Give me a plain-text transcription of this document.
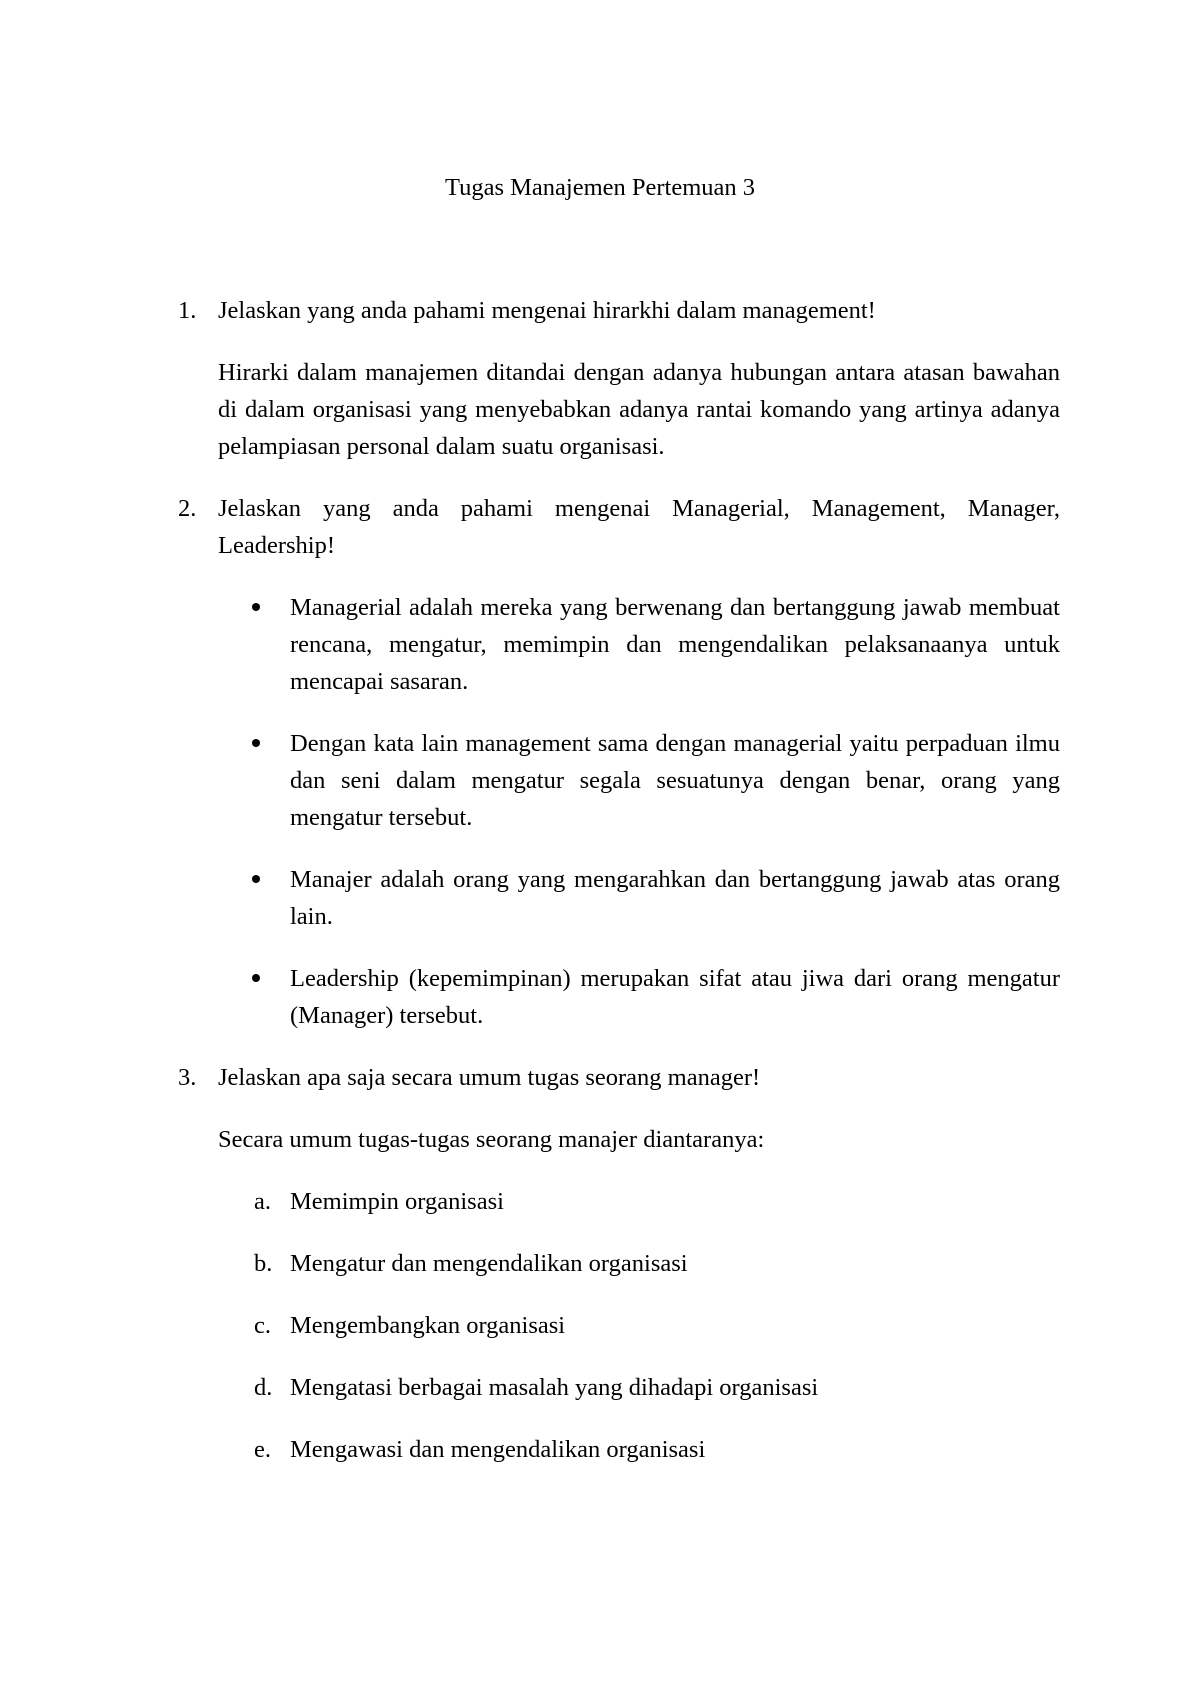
Tugas Manajemen Pertemuan 3
1. Jelaskan yang anda pahami mengenai hirarkhi dalam management!
Hirarki dalam manajemen ditandai dengan adanya hubungan antara atasan bawahan di dalam organisasi yang menyebabkan adanya rantai komando yang artinya adanya pelampiasan personal dalam suatu organisasi.
2. Jelaskan yang anda pahami mengenai Managerial, Management, Manager, Leadership!
Managerial adalah mereka yang berwenang dan bertanggung jawab membuat rencana, mengatur, memimpin dan mengendalikan pelaksanaanya untuk mencapai sasaran.
Dengan kata lain management sama dengan managerial yaitu perpaduan ilmu dan seni dalam mengatur segala sesuatunya dengan benar, orang yang mengatur tersebut.
Manajer adalah orang yang mengarahkan dan bertanggung jawab atas orang lain.
Leadership (kepemimpinan) merupakan sifat atau jiwa dari orang mengatur (Manager) tersebut.
3. Jelaskan apa saja secara umum tugas seorang manager!
Secara umum tugas-tugas seorang manajer diantaranya:
a. Memimpin organisasi
b. Mengatur dan mengendalikan organisasi
c. Mengembangkan organisasi
d. Mengatasi berbagai masalah yang dihadapi organisasi
e. Mengawasi dan mengendalikan organisasi
